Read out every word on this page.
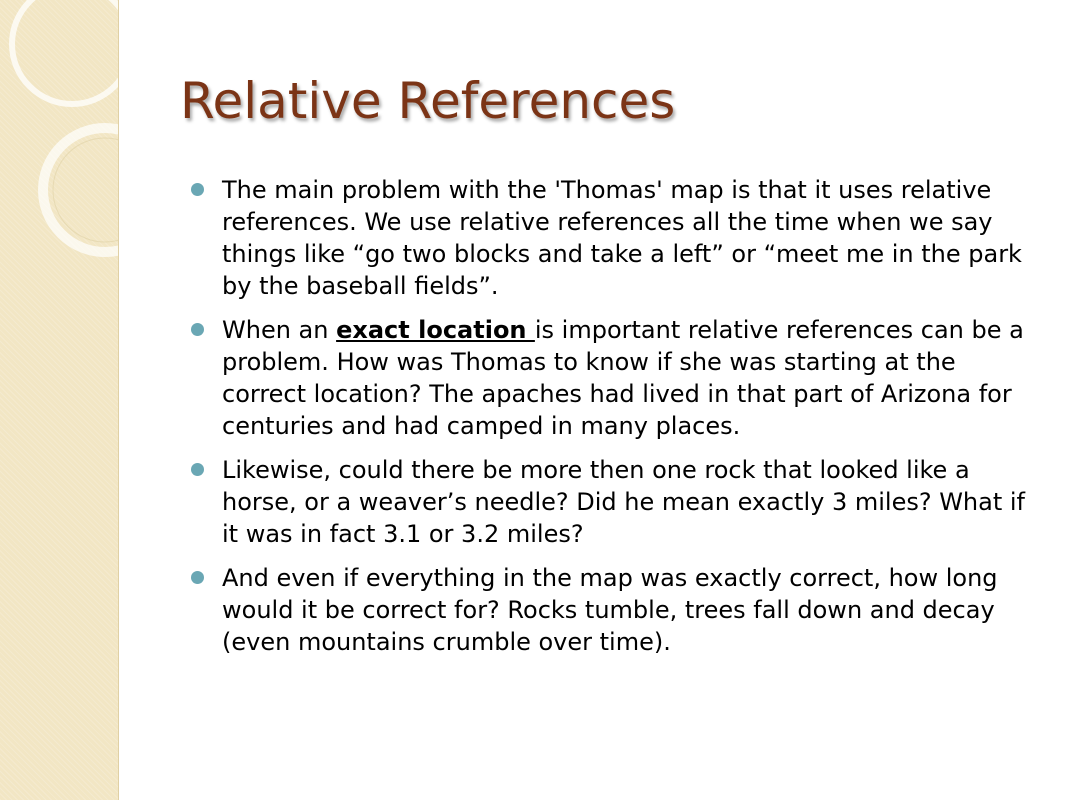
Relative References
The main problem with the 'Thomas' map is that it uses relative references. We use relative references all the time when we say things like “go two blocks and take a left” or “meet me in the park by the baseball fields”.
When an exact location is important relative references can be a problem. How was Thomas to know if she was starting at the correct location? The apaches had lived in that part of Arizona for centuries and had camped in many places.
Likewise, could there be more then one rock that looked like a horse, or a weaver’s needle? Did he mean exactly 3 miles? What if it was in fact 3.1 or 3.2 miles?
And even if everything in the map was exactly correct, how long would it be correct for? Rocks tumble, trees fall down and decay (even mountains crumble over time).
